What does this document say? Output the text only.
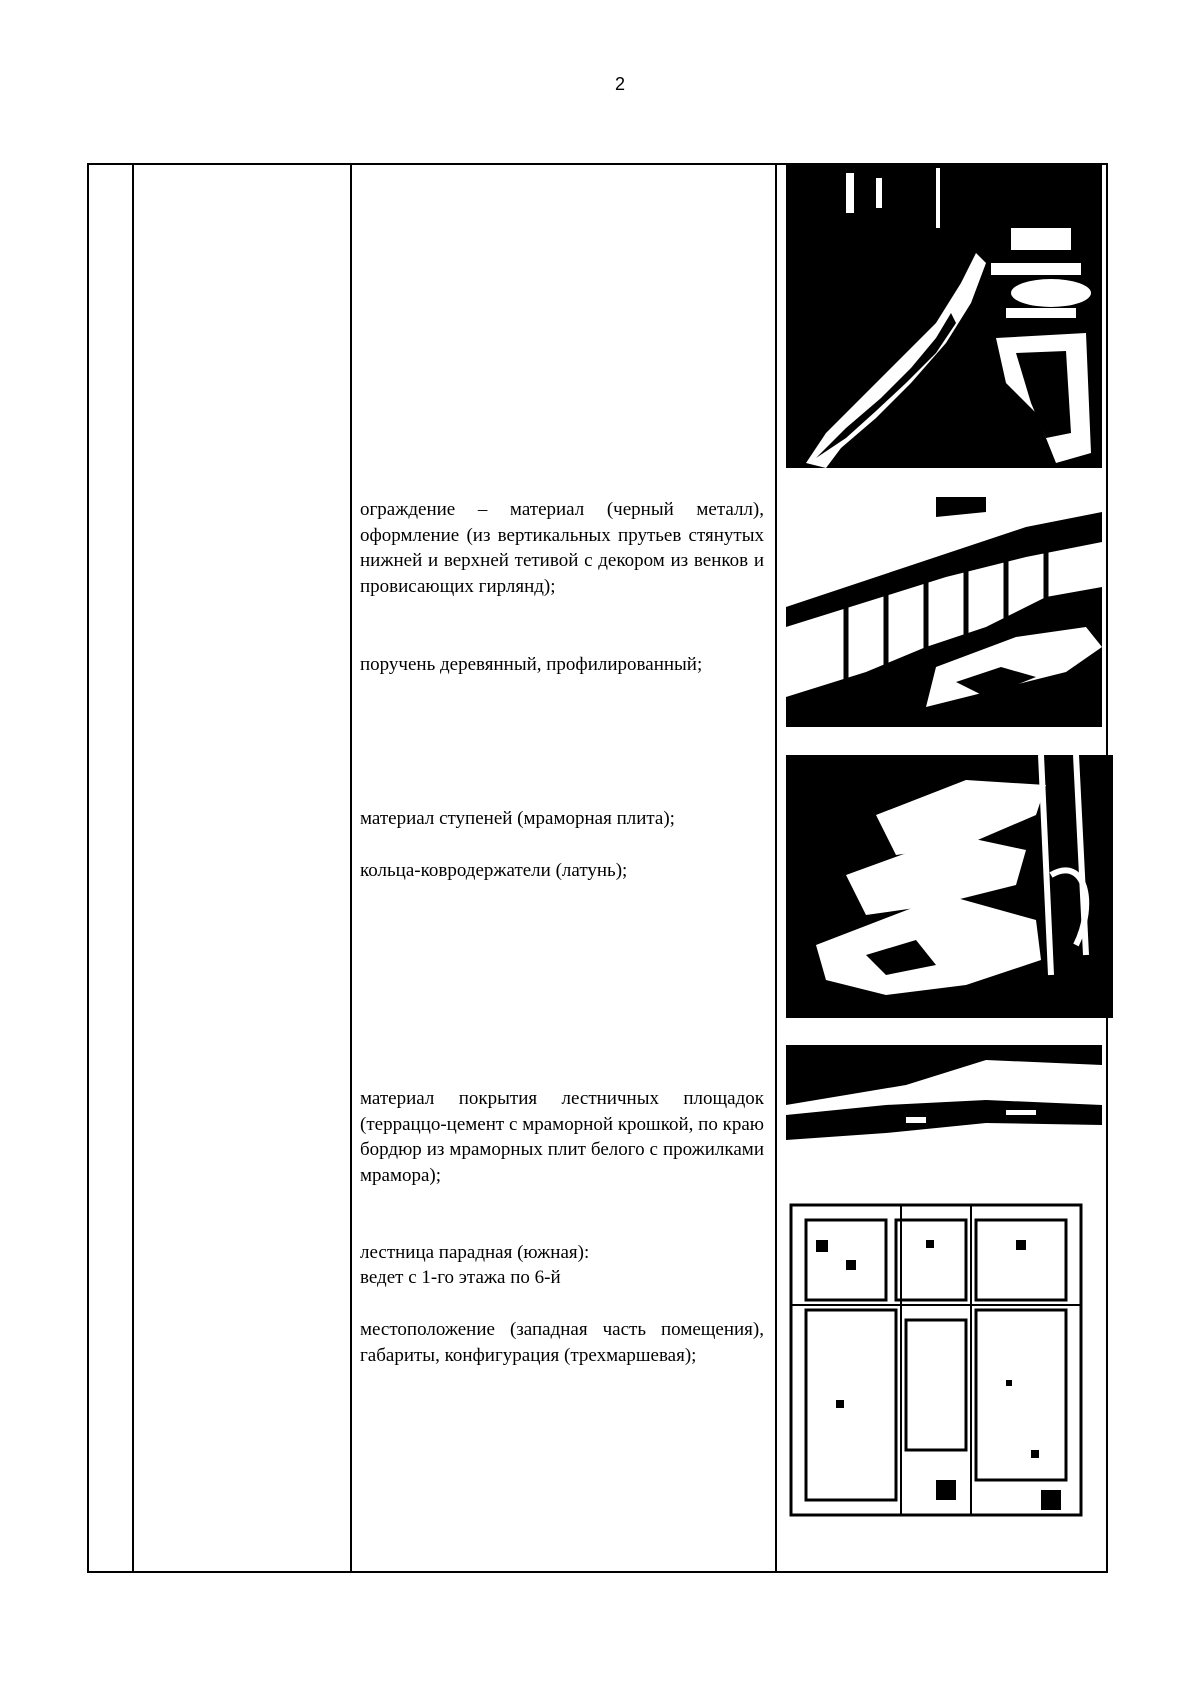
2
ограждение – материал (черный металл), оформление (из вертикальных прутьев стянутых нижней и верхней тетивой с декором из венков и провисающих гирлянд);
поручень деревянный, профилированный;
материал ступеней (мраморная плита);
кольца-ковродержатели (латунь);
материал покрытия лестничных площадок (терраццо-цемент с мраморной крошкой, по краю бордюр из мраморных плит белого с прожилками мрамора);
лестница парадная (южная):
ведет с 1-го этажа по 6-й
местоположение (западная часть помещения), габариты, конфигурация (трехмаршевая);
